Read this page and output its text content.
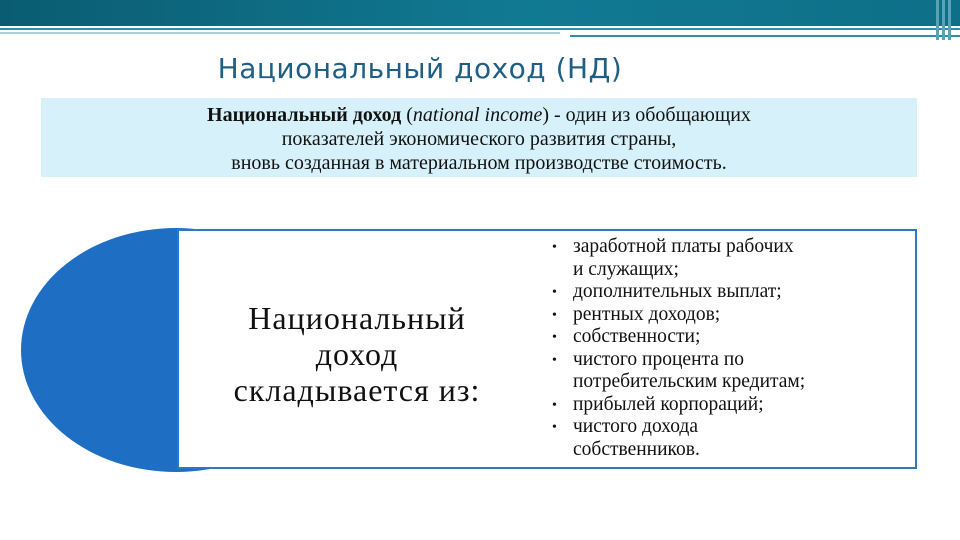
Национальный доход (НД)
Национальный доход (national income) - один из обобщающих
показателей экономического развития страны,
вновь созданная в материальном производстве стоимость.
Национальный
доход
складывается из:
• заработной платы рабочих
и служащих;
• дополнительных выплат;
• рентных доходов;
• собственности;
• чистого процента по
потребительским кредитам;
• прибылей корпораций;
• чистого дохода
собственников.
